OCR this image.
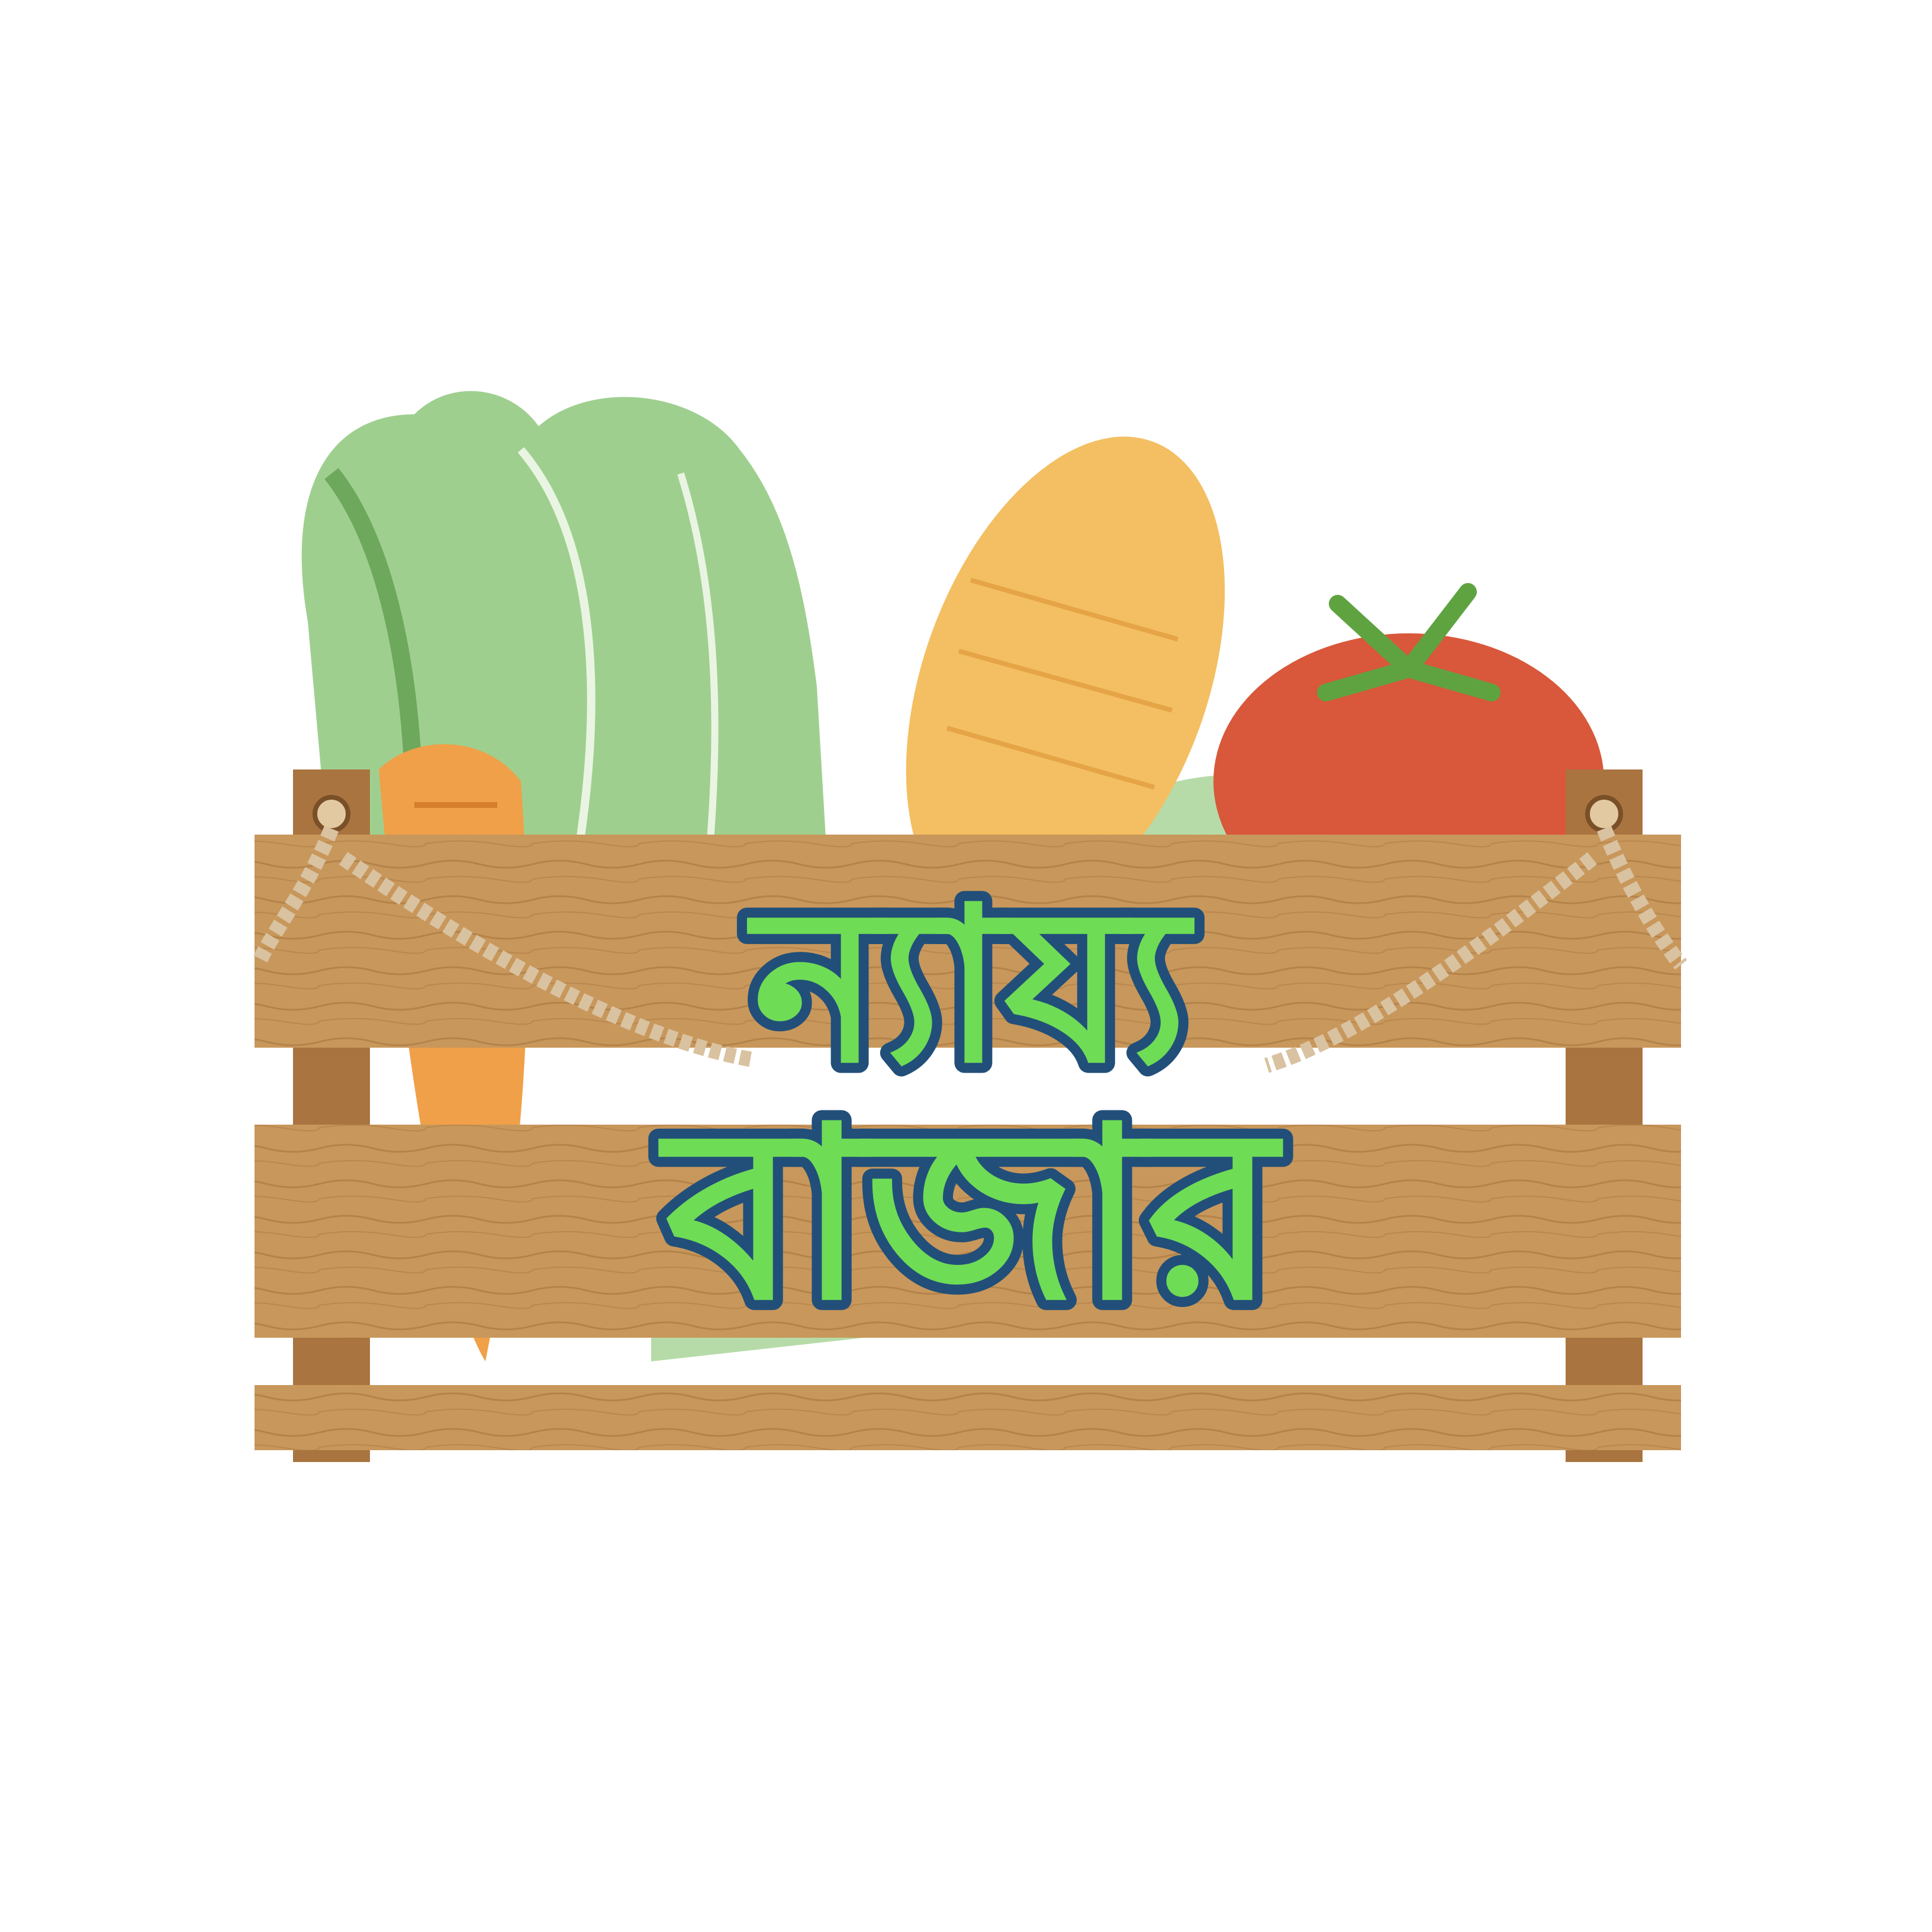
ন্যায্য
বাজার
